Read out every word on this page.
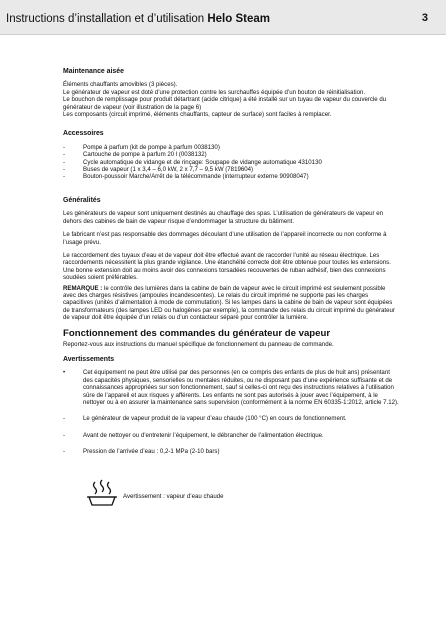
Instructions d’installation et d’utilisation Helo Steam	3
Maintenance aisée

Éléments chauffants amovibles (3 pièces).

Le générateur de vapeur est doté d’une protection contre les surchauffes équipée d’un bouton de réinitialisation.

Le bouchon de remplissage pour produit détartrant (acide citrique) a été installé sur un tuyau de vapeur du couvercle du générateur de vapeur (voir illustration de la page 6)

Les composants (circuit imprimé, éléments chauffants, capteur de surface) sont faciles à remplacer.

Accessoires
- Pompe à parfum (kit de pompe à parfum 0038130)
- Cartouche de pompe à parfum 20 l (0038132)
- Cycle automatique de vidange et de rinçage: Soupape de vidange automatique 4310130
- Buses de vapeur (1 x 3,4 – 6,0 kW, 2 x 7,7 – 9,5 kW (7819604)
- Bouton-poussoir Marche/Arrêt de la télécommande (interrupteur externe 90908047)
Généralités

Les générateurs de vapeur sont uniquement destinés au chauffage des spas. L’utilisation de générateurs de vapeur en dehors des cabines de bain de vapeur risque d’endommager la structure du bâtiment.

Le fabricant n’est pas responsable des dommages découlant d’une utilisation de l’appareil incorrecte ou non conforme à l’usage prévu.

Le raccordement des tuyaux d’eau et de vapeur doit être effectué avant de raccorder l’unité au réseau électrique. Les raccordements nécessitent la plus grande vigilance. Une étanchéité correcte doit être obtenue pour toutes les extensions. Une bonne extension doit au moins avoir des connexions torsadées recouvertes de ruban adhésif, bien des connexions soudées soient préférables.

REMARQUE : le contrôle des lumières dans la cabine de bain de vapeur avec le circuit imprimé est seulement possible avec des charges résistives (ampoules incandescentes). Le relais du circuit imprimé ne supporte pas les charges capacitives (unités d’alimentation à mode de commutation). Si les lampes dans la cabine de bain de vapeur sont équipées de transformateurs (des lampes LED ou halogènes par exemple), la commande des relais du circuit imprimé du générateur de vapeur doit être équipée d’un relais ou d’un contacteur séparé pour contrôler la lumière.

Fonctionnement des commandes du générateur de vapeur

Reportez-vous aux instructions du manuel spécifique de fonctionnement du panneau de commande.

Avertissements
•	Cet équipement ne peut être utilisé par des personnes (en ce compris des enfants de plus de huit ans) présentant des capacités physiques, sensorielles ou mentales réduites, ou ne disposant pas d’une expérience suffisante et de connaissances appropriées sur son fonctionnement, sauf si celles-ci ont reçu des instructions relatives à l’utilisation sûre de l’appareil et aux risques y afférents. Les enfants ne sont pas autorisés à jouer avec l’équipement, à le nettoyer ou à en assurer la maintenance sans supervision (conformément à la norme EN 60335-1:2012, article 7.12).
-	Le générateur de vapeur produit de la vapeur d’eau chaude (100 °C) en cours de fonctionnement.
-	Avant de nettoyer ou d’entretenir l’équipement, le débrancher de l’alimentation électrique.
-	Pression de l’arrivée d’eau : 0,2-1 MPa (2-10 bars)
Avertissement : vapeur d’eau chaude
